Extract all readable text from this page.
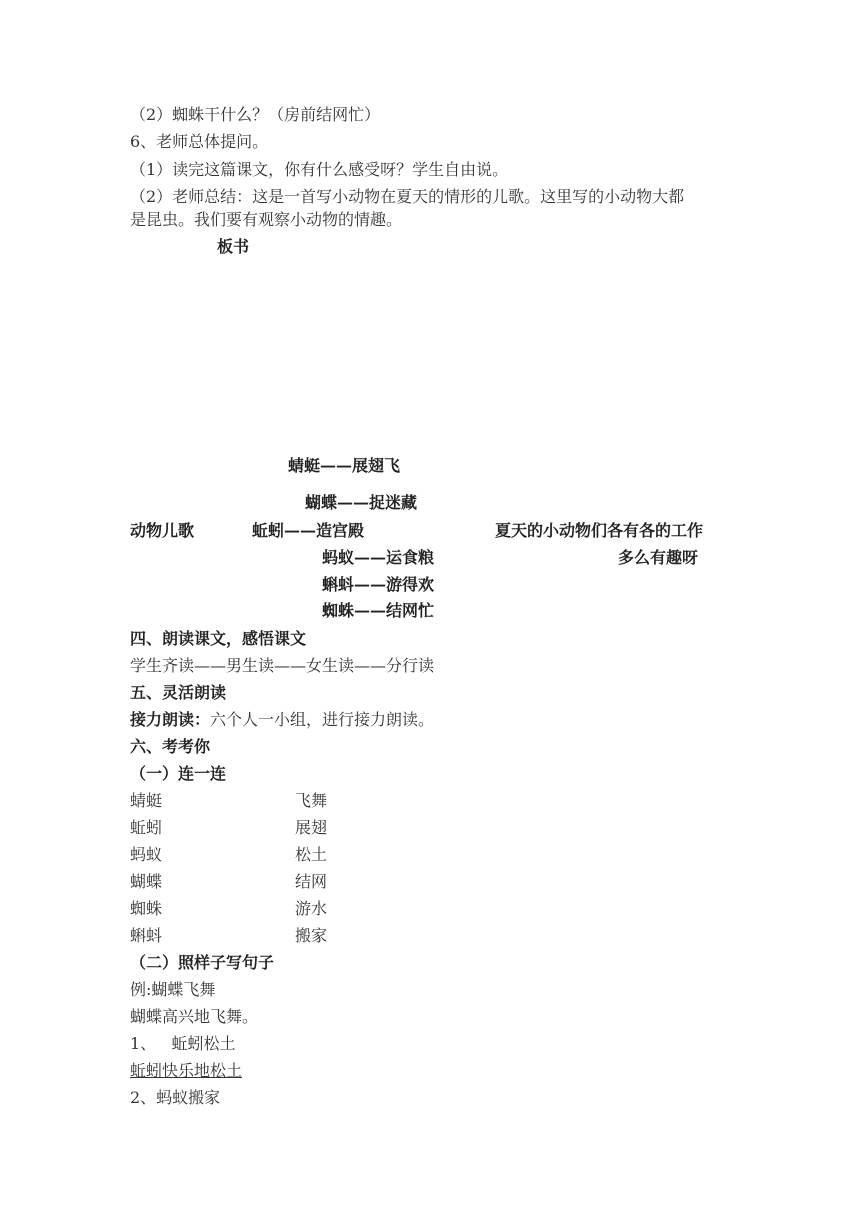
（2）蜘蛛干什么？（房前结网忙）
6、老师总体提问。
（1）读完这篇课文，你有什么感受呀？学生自由说。
（2）老师总结：这是一首写小动物在夏天的情形的儿歌。这里写的小动物大都
是昆虫。我们要有观察小动物的情趣。
板书
蜻蜓——展翅飞
蝴蝶——捉迷藏
动物儿歌	蚯蚓——造宫殿	夏天的小动物们各有各的工作
蚂蚁——运食粮	多么有趣呀
蝌蚪——游得欢
蜘蛛——结网忙
四、朗读课文，感悟课文
学生齐读——男生读——女生读——分行读
五、灵活朗读
接力朗读：六个人一小组，进行接力朗读。
六、考考你
（一）连一连
蜻蜓	飞舞
蚯蚓	展翅
蚂蚁	松土
蝴蝶	结网
蜘蛛	游水
蝌蚪	搬家
（二）照样子写句子
例:蝴蝶飞舞
蝴蝶高兴地飞舞。
1、   蚯蚓松土
蚯蚓快乐地松土
2、蚂蚁搬家
